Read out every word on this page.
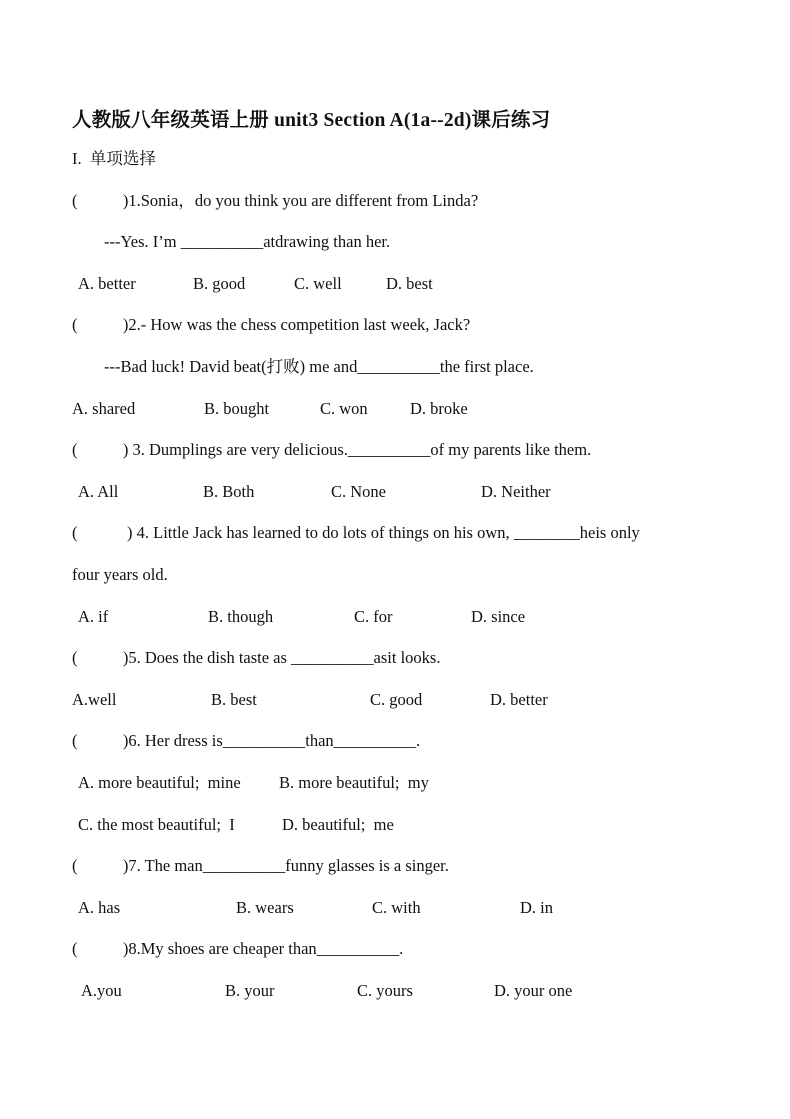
人教版八年级英语上册 unit3 Section A(1a--2d)课后练习
I.  单项选择
(           )1.Sonia，do you think you are different from Linda?
---Yes. I’m __________atdrawing than her.
A. better	B. good	C. well	D. best
(           )2.- How was the chess competition last week, Jack?
---Bad luck! David beat(打败) me and__________the first place.
A. shared	B. bought	C. won	D. broke
(           ) 3. Dumplings are very delicious.__________of my parents like them.
A. All	B. Both	C. None	D. Neither
(            ) 4. Little Jack has learned to do lots of things on his own, ________heis only
four years old.
A. if	B. though	C. for	D. since
(           )5. Does the dish taste as __________asit looks.
A.well	B. best	C. good	D. better
(           )6. Her dress is__________than__________.
A. more beautiful;  mine B. more beautiful;  my
C. the most beautiful;  I	D. beautiful;  me
(           )7. The man__________funny glasses is a singer.
A. has	B. wears	C. with	D. in
(           )8.My shoes are cheaper than__________.
A.you	B. your	C. yours	D. your one
